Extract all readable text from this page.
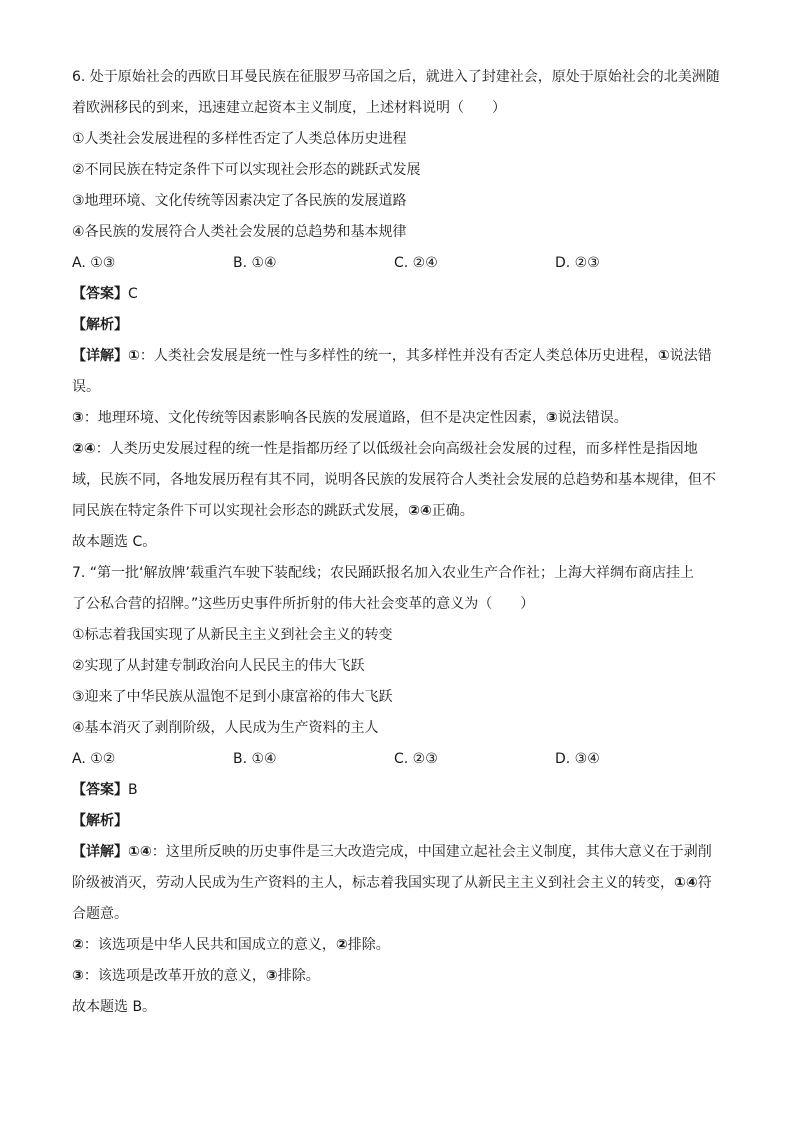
6. 处于原始社会的西欧日耳曼民族在征服罗马帝国之后，就进入了封建社会，原处于原始社会的北美洲随
着欧洲移民的到来，迅速建立起资本主义制度，上述材料说明（　　）
①人类社会发展进程的多样性否定了人类总体历史进程
②不同民族在特定条件下可以实现社会形态的跳跃式发展
③地理环境、文化传统等因素决定了各民族的发展道路
④各民族的发展符合人类社会发展的总趋势和基本规律
A. ①③	B. ①④	C. ②④	D. ②③
【答案】C
【解析】
【详解】①：人类社会发展是统一性与多样性的统一，其多样性并没有否定人类总体历史进程，①说法错
误。
③：地理环境、文化传统等因素影响各民族的发展道路，但不是决定性因素，③说法错误。
②④：人类历史发展过程的统一性是指都历经了以低级社会向高级社会发展的过程，而多样性是指因地
域，民族不同，各地发展历程有其不同，说明各民族的发展符合人类社会发展的总趋势和基本规律，但不
同民族在特定条件下可以实现社会形态的跳跃式发展，②④正确。
故本题选 C。
7. “第一批‘解放牌’载重汽车驶下装配线；农民踊跃报名加入农业生产合作社；上海大祥绸布商店挂上
了公私合营的招牌。”这些历史事件所折射的伟大社会变革的意义为（　　）
①标志着我国实现了从新民主主义到社会主义的转变
②实现了从封建专制政治向人民民主的伟大飞跃
③迎来了中华民族从温饱不足到小康富裕的伟大飞跃
④基本消灭了剥削阶级，人民成为生产资料的主人
A. ①②	B. ①④	C. ②③	D. ③④
【答案】B
【解析】
【详解】①④：这里所反映的历史事件是三大改造完成，中国建立起社会主义制度，其伟大意义在于剥削
阶级被消灭，劳动人民成为生产资料的主人，标志着我国实现了从新民主主义到社会主义的转变，①④符
合题意。
②：该选项是中华人民共和国成立的意义，②排除。
③：该选项是改革开放的意义，③排除。
故本题选 B。
